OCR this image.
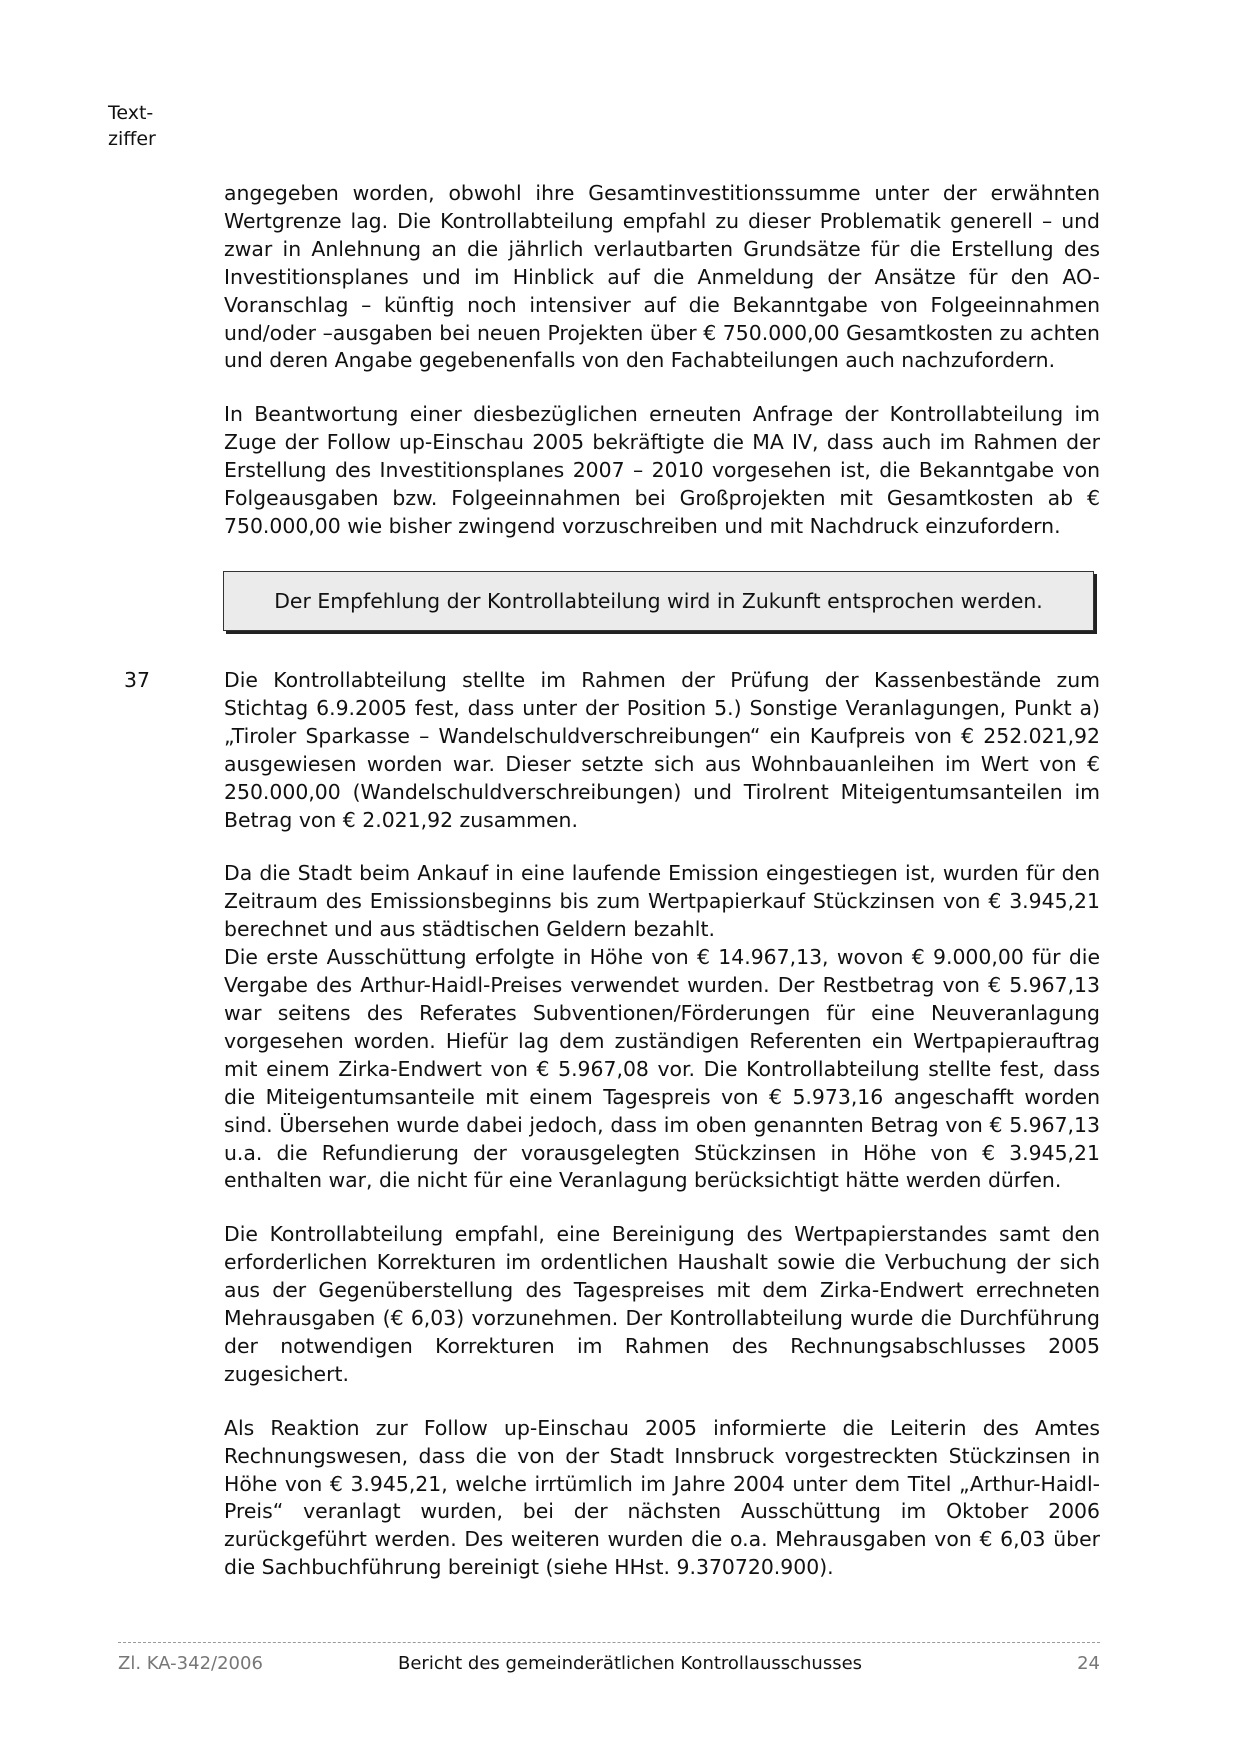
Text-
ziffer

angegeben worden, obwohl ihre Gesamtinvestitionssumme unter der erwähnten Wertgrenze lag. Die Kontrollabteilung empfahl zu dieser Problematik generell – und zwar in Anlehnung an die jährlich verlautbarten Grundsätze für die Erstellung des Investitionsplanes und im Hinblick auf die Anmeldung der Ansätze für den AO-Voranschlag – künftig noch intensiver auf die Bekanntgabe von Folgeeinnahmen und/oder –ausgaben bei neuen Projekten über € 750.000,00 Gesamtkosten zu achten und deren Angabe gegebenenfalls von den Fachabteilungen auch nachzufordern.

In Beantwortung einer diesbezüglichen erneuten Anfrage der Kontrollabteilung im Zuge der Follow up-Einschau 2005 bekräftigte die MA IV, dass auch im Rahmen der Erstellung des Investitionsplanes 2007 – 2010 vorgesehen ist, die Bekanntgabe von Folgeausgaben bzw. Folgeeinnahmen bei Großprojekten mit Gesamtkosten ab € 750.000,00 wie bisher zwingend vorzuschreiben und mit Nachdruck einzufordern.

Der Empfehlung der Kontrollabteilung wird in Zukunft entsprochen werden.
37	Die Kontrollabteilung stellte im Rahmen der Prüfung der Kassenbestände zum Stichtag 6.9.2005 fest, dass unter der Position 5.) Sonstige Veranlagungen, Punkt a) „Tiroler Sparkasse – Wandelschuldverschreibungen“ ein Kaufpreis von € 252.021,92 ausgewiesen worden war. Dieser setzte sich aus Wohnbauanleihen im Wert von € 250.000,00 (Wandelschuldverschreibungen) und Tirolrent Miteigentumsanteilen im Betrag von € 2.021,92 zusammen.

Da die Stadt beim Ankauf in eine laufende Emission eingestiegen ist, wurden für den Zeitraum des Emissionsbeginns bis zum Wertpapierkauf Stückzinsen von € 3.945,21 berechnet und aus städtischen Geldern bezahlt.

Die erste Ausschüttung erfolgte in Höhe von € 14.967,13, wovon € 9.000,00 für die Vergabe des Arthur-Haidl-Preises verwendet wurden. Der Restbetrag von € 5.967,13 war seitens des Referates Subventionen/Förderungen für eine Neuveranlagung vorgesehen worden. Hiefür lag dem zuständigen Referenten ein Wertpapierauftrag mit einem Zirka-Endwert von € 5.967,08 vor. Die Kontrollabteilung stellte fest, dass die Miteigentumsanteile mit einem Tagespreis von € 5.973,16 angeschafft worden sind. Übersehen wurde dabei jedoch, dass im oben genannten Betrag von € 5.967,13 u.a. die Refundierung der vorausgelegten Stückzinsen in Höhe von € 3.945,21 enthalten war, die nicht für eine Veranlagung berücksichtigt hätte werden dürfen.

Die Kontrollabteilung empfahl, eine Bereinigung des Wertpapierstandes samt den erforderlichen Korrekturen im ordentlichen Haushalt sowie die Verbuchung der sich aus der Gegenüberstellung des Tagespreises mit dem Zirka-Endwert errechneten Mehrausgaben (€ 6,03) vorzunehmen. Der Kontrollabteilung wurde die Durchführung der notwendigen Korrekturen im Rahmen des Rechnungsabschlusses 2005 zugesichert.

Als Reaktion zur Follow up-Einschau 2005 informierte die Leiterin des Amtes Rechnungswesen, dass die von der Stadt Innsbruck vorgestreckten Stückzinsen in Höhe von € 3.945,21, welche irrtümlich im Jahre 2004 unter dem Titel „Arthur-Haidl-Preis“ veranlagt wurden, bei der nächsten Ausschüttung im Oktober 2006 zurückgeführt werden. Des weiteren wurden die o.a. Mehrausgaben von € 6,03 über die Sachbuchführung bereinigt (siehe HHst. 9.370720.900).

Zl. KA-342/2006	Bericht des gemeinderätlichen Kontrollausschusses	24
